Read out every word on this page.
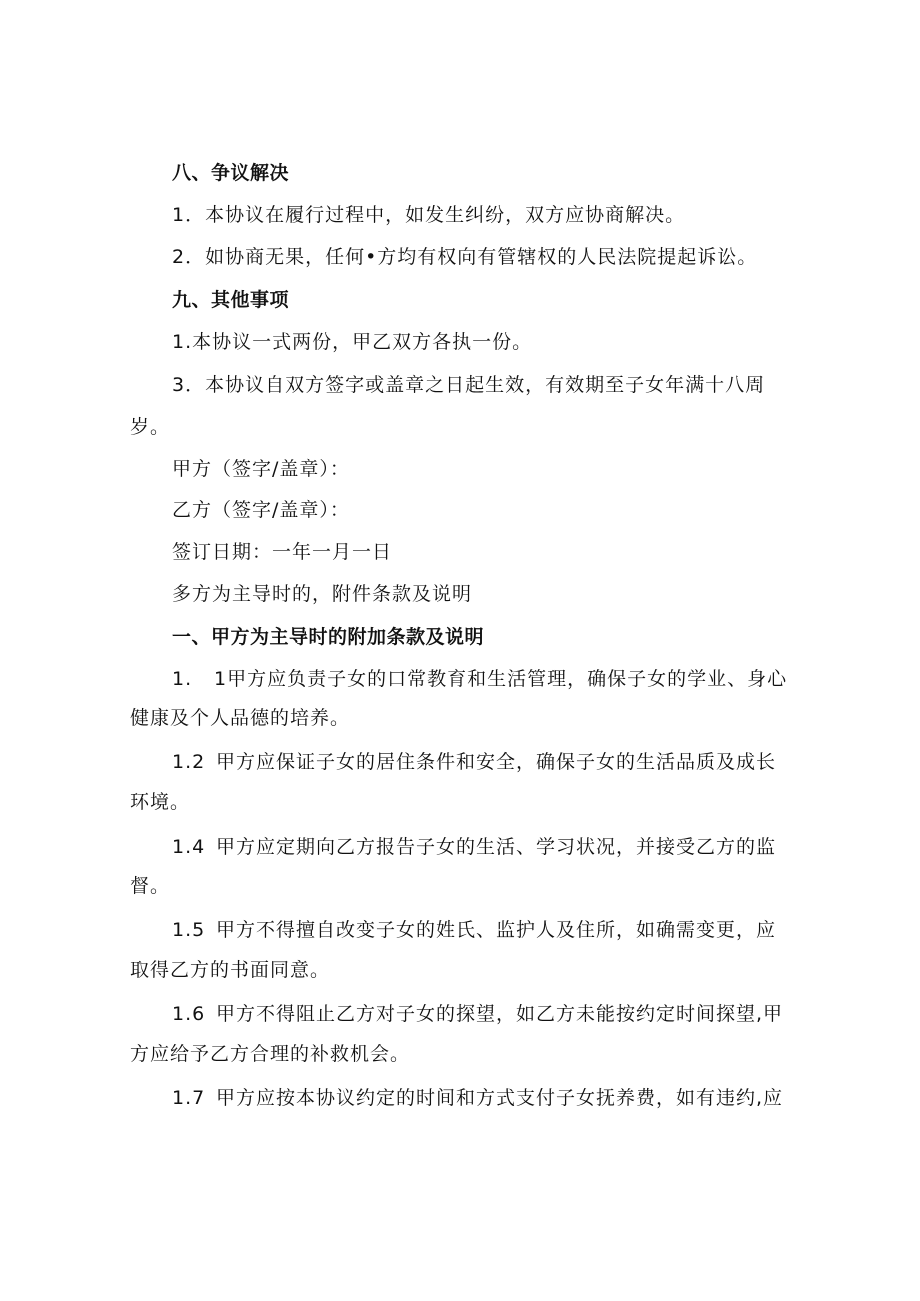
八、争议解决
1．本协议在履行过程中，如发生纠纷，双方应协商解决。
2．如协商无果，任何•方均有权向有管辖权的人民法院提起诉讼。
九、其他事项
1.本协议一式两份，甲乙双方各执一份。
3．本协议自双方签字或盖章之日起生效，有效期至子女年满十八周
岁。
甲方（签字/盖章）：
乙方（签字/盖章）：
签订日期：一年一月一日
多方为主导时的，附件条款及说明
一、甲方为主导时的附加条款及说明
1. 1甲方应负责子女的口常教育和生活管理，确保子女的学业、身心
健康及个人品德的培养。
1.2 甲方应保证子女的居住条件和安全，确保子女的生活品质及成长
环境。
1.4 甲方应定期向乙方报告子女的生活、学习状况，并接受乙方的监
督。
1.5 甲方不得擅自改变子女的姓氏、监护人及住所，如确需变更，应
取得乙方的书面同意。
1.6 甲方不得阻止乙方对子女的探望，如乙方未能按约定时间探望,甲
方应给予乙方合理的补救机会。
1.7 甲方应按本协议约定的时间和方式支付子女抚养费，如有违约,应
